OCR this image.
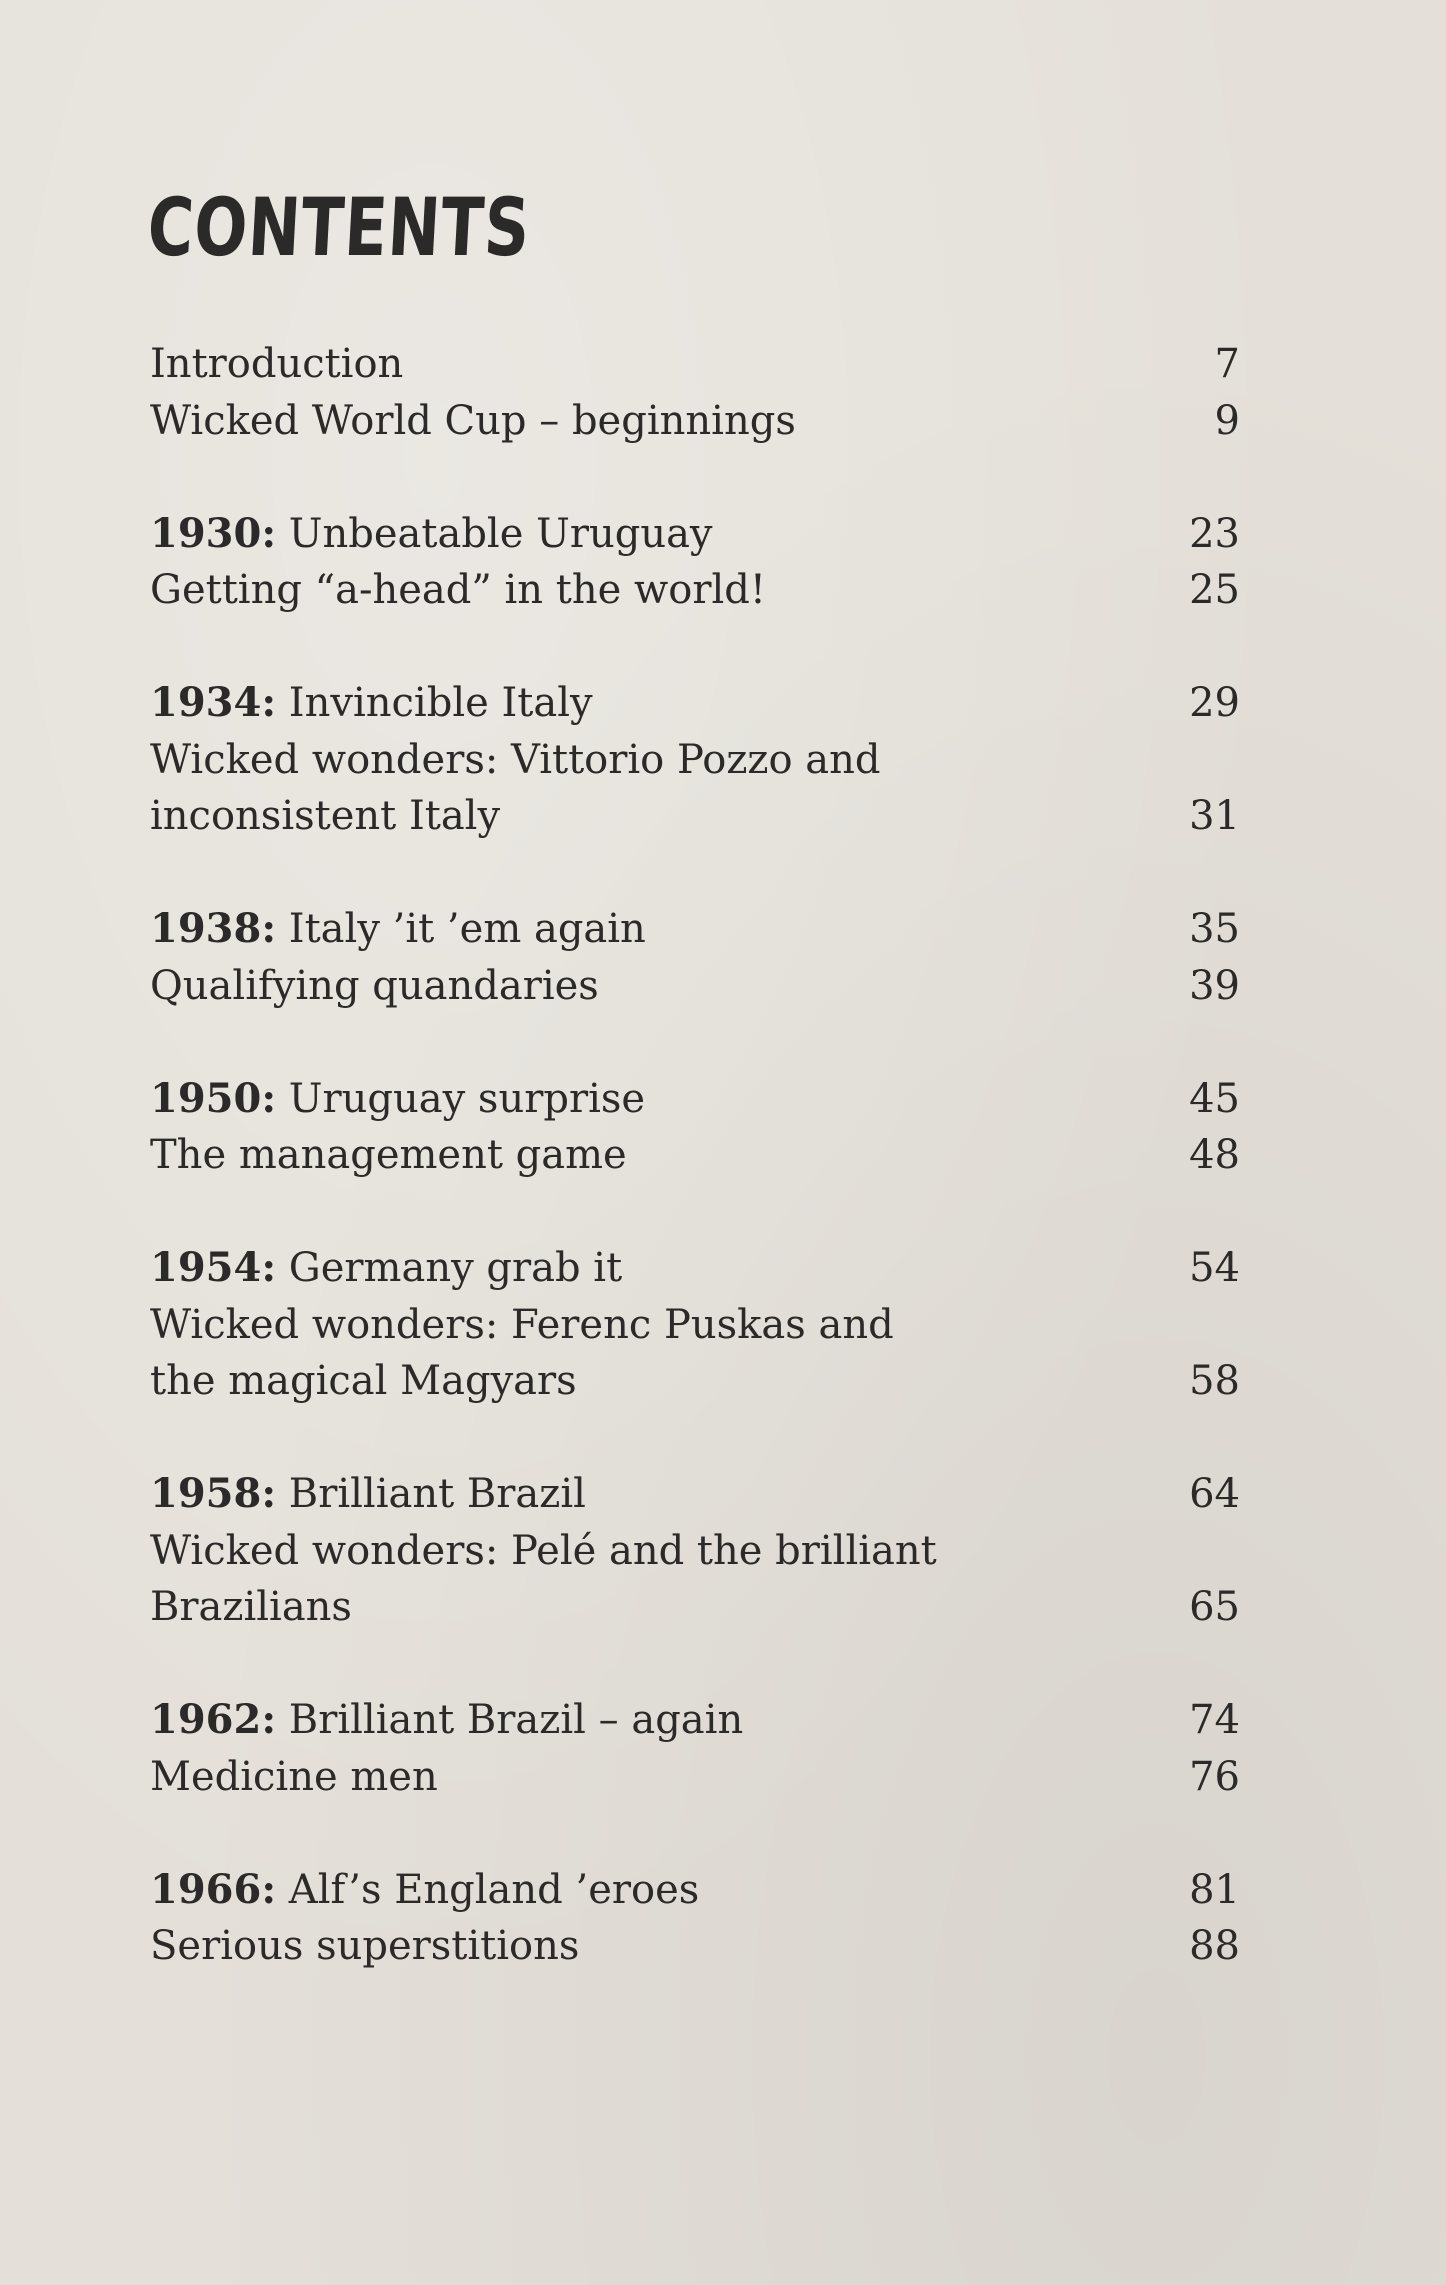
CONTENTS
Introduction	7
Wicked World Cup – beginnings	9
1930: Unbeatable Uruguay	23
Getting “a-head” in the world!	25
1934: Invincible Italy	29
Wicked wonders: Vittorio Pozzo and
inconsistent Italy	31
1938: Italy ’it ’em again	35
Qualifying quandaries	39
1950: Uruguay surprise	45
The management game	48
1954: Germany grab it	54
Wicked wonders: Ferenc Puskas and
the magical Magyars	58
1958: Brilliant Brazil	64
Wicked wonders: Pelé and the brilliant
Brazilians	65
1962: Brilliant Brazil – again	74
Medicine men	76
1966: Alf’s England ’eroes	81
Serious superstitions	88
